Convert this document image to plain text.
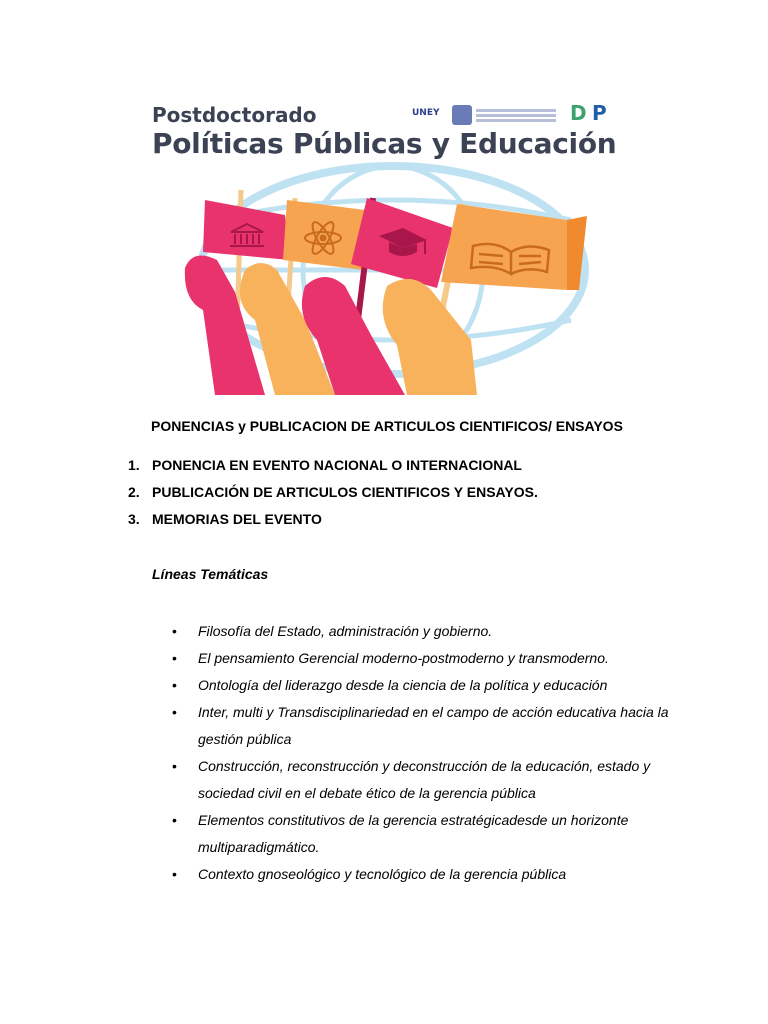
Postdoctorado
Políticas Públicas y Educación
UNEY	D P
PONENCIAS y PUBLICACION DE ARTICULOS CIENTIFICOS/ ENSAYOS
1. PONENCIA EN EVENTO NACIONAL O INTERNACIONAL
2. PUBLICACIÓN DE ARTICULOS CIENTIFICOS Y ENSAYOS.
3. MEMORIAS DEL EVENTO
Líneas Temáticas
• Filosofía del Estado, administración y gobierno.
• El pensamiento Gerencial moderno-postmoderno y transmoderno.
• Ontología del liderazgo desde la ciencia de la política y educación
• Inter, multi y Transdisciplinariedad en el campo de acción educativa hacia la gestión pública
• Construcción, reconstrucción y deconstrucción de la educación, estado y sociedad civil en el debate ético de la gerencia pública
• Elementos constitutivos de la gerencia estratégicadesde un horizonte multiparadigmático.
• Contexto gnoseológico y tecnológico de la gerencia pública
